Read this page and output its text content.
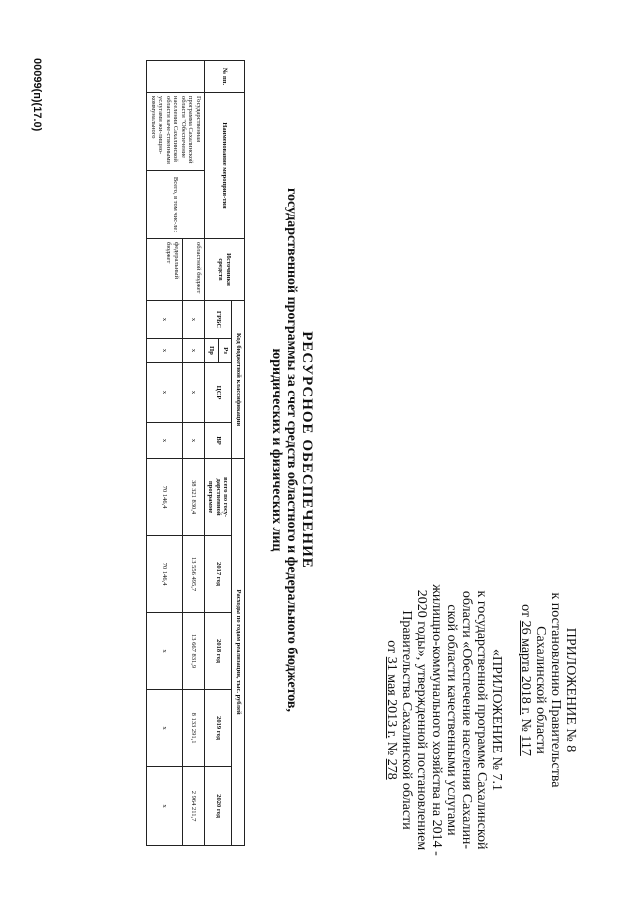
ПРИЛОЖЕНИЕ № 8
к постановлению Правительства
Сахалинской области
от 26 марта 2018 г. № 117
«ПРИЛОЖЕНИЕ № 7.1
к государственной программе Сахалинской
области «Обеспечение населения Сахалин-
ской области качественными услугами
жилищно-коммунального хозяйства на 2014 -
2020 годы», утвержденной постановлением
Правительства Сахалинской области
от 31 мая 2013 г. № 278
РЕСУРСНОЕ ОБЕСПЕЧЕНИЕ
государственной программы за счет средств областного и федерального бюджетов,
юридических и физических лиц
№ пп.	Наименование мероприя-тия		Источники средств	Код бюджетной классификации				Расходы по годам реализации, тыс. рублей				
				ГРБС	Рз	ЦСР	ВР	всего по госу-дарственной программе	2017 год	2018 год	2019 год	2020 год
					Пр							
	Государственная программа Сахалинской области "Обеспечение населения Сахалинской области каче-ственными услугами жи-лищно-коммунального	Всего, в том чис-ле:	областной бюджет	х	х	х	х	38 321 830,4	13 556 495,7	13 667 831,9	8 133 291,1	2 964 211,7
			федеральный бюджет	х	х	х	х	70 146,4	70 146,4	х	х	х
00099(п)(17.0)
